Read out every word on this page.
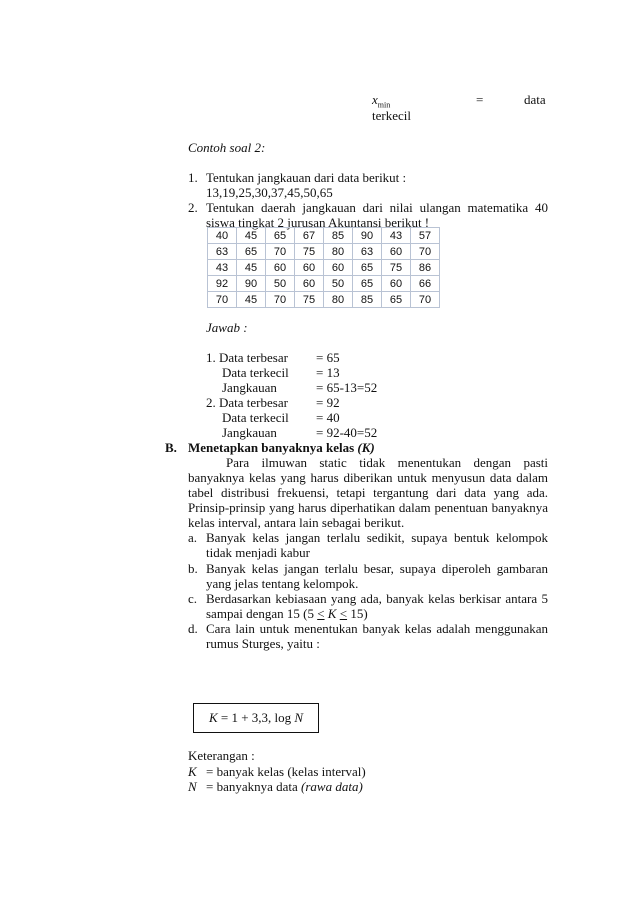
$x_{min}$	=	data
terkecil
Contoh soal 2:
1. Tentukan jangkauan dari data berikut :
13,19,25,30,37,45,50,65
2. Tentukan daerah jangkauan dari nilai ulangan matematika 40
siswa tingkat 2 jurusan Akuntansi berikut !
40	45	65	67	85	90	43	57
63	65	70	75	80	63	60	70
43	45	60	60	60	65	75	86
92	90	50	60	50	65	60	66
70	45	70	75	80	85	65	70
Jawab :
1. Data terbesar = 65
Data terkecil = 13
Jangkauan	= 65-13=52
2. Data terbesar = 92
Data terkecil = 40
Jangkauan	= 92-40=52
B. Menetapkan banyaknya kelas (K)
Para ilmuwan static tidak menentukan dengan pasti
banyaknya kelas yang harus diberikan untuk menyusun data dalam
tabel distribusi frekuensi, tetapi tergantung dari data yang ada.
Prinsip-prinsip yang harus diperhatikan dalam penentuan banyaknya
kelas interval, antara lain sebagai berikut.
a. Banyak kelas jangan terlalu sedikit, supaya bentuk kelompok
tidak menjadi kabur
b. Banyak kelas jangan terlalu besar, supaya diperoleh gambaran
yang jelas tentang kelompok.
c. Berdasarkan kebiasaan yang ada, banyak kelas berkisar antara 5
sampai dengan 15 (5 ≤ K ≤ 15)
d. Cara lain untuk menentukan banyak kelas adalah menggunakan
rumus Sturges, yaitu :
K = 1 + 3,3, log N
Keterangan :
K = banyak kelas (kelas interval)
N = banyaknya data (rawa data)
